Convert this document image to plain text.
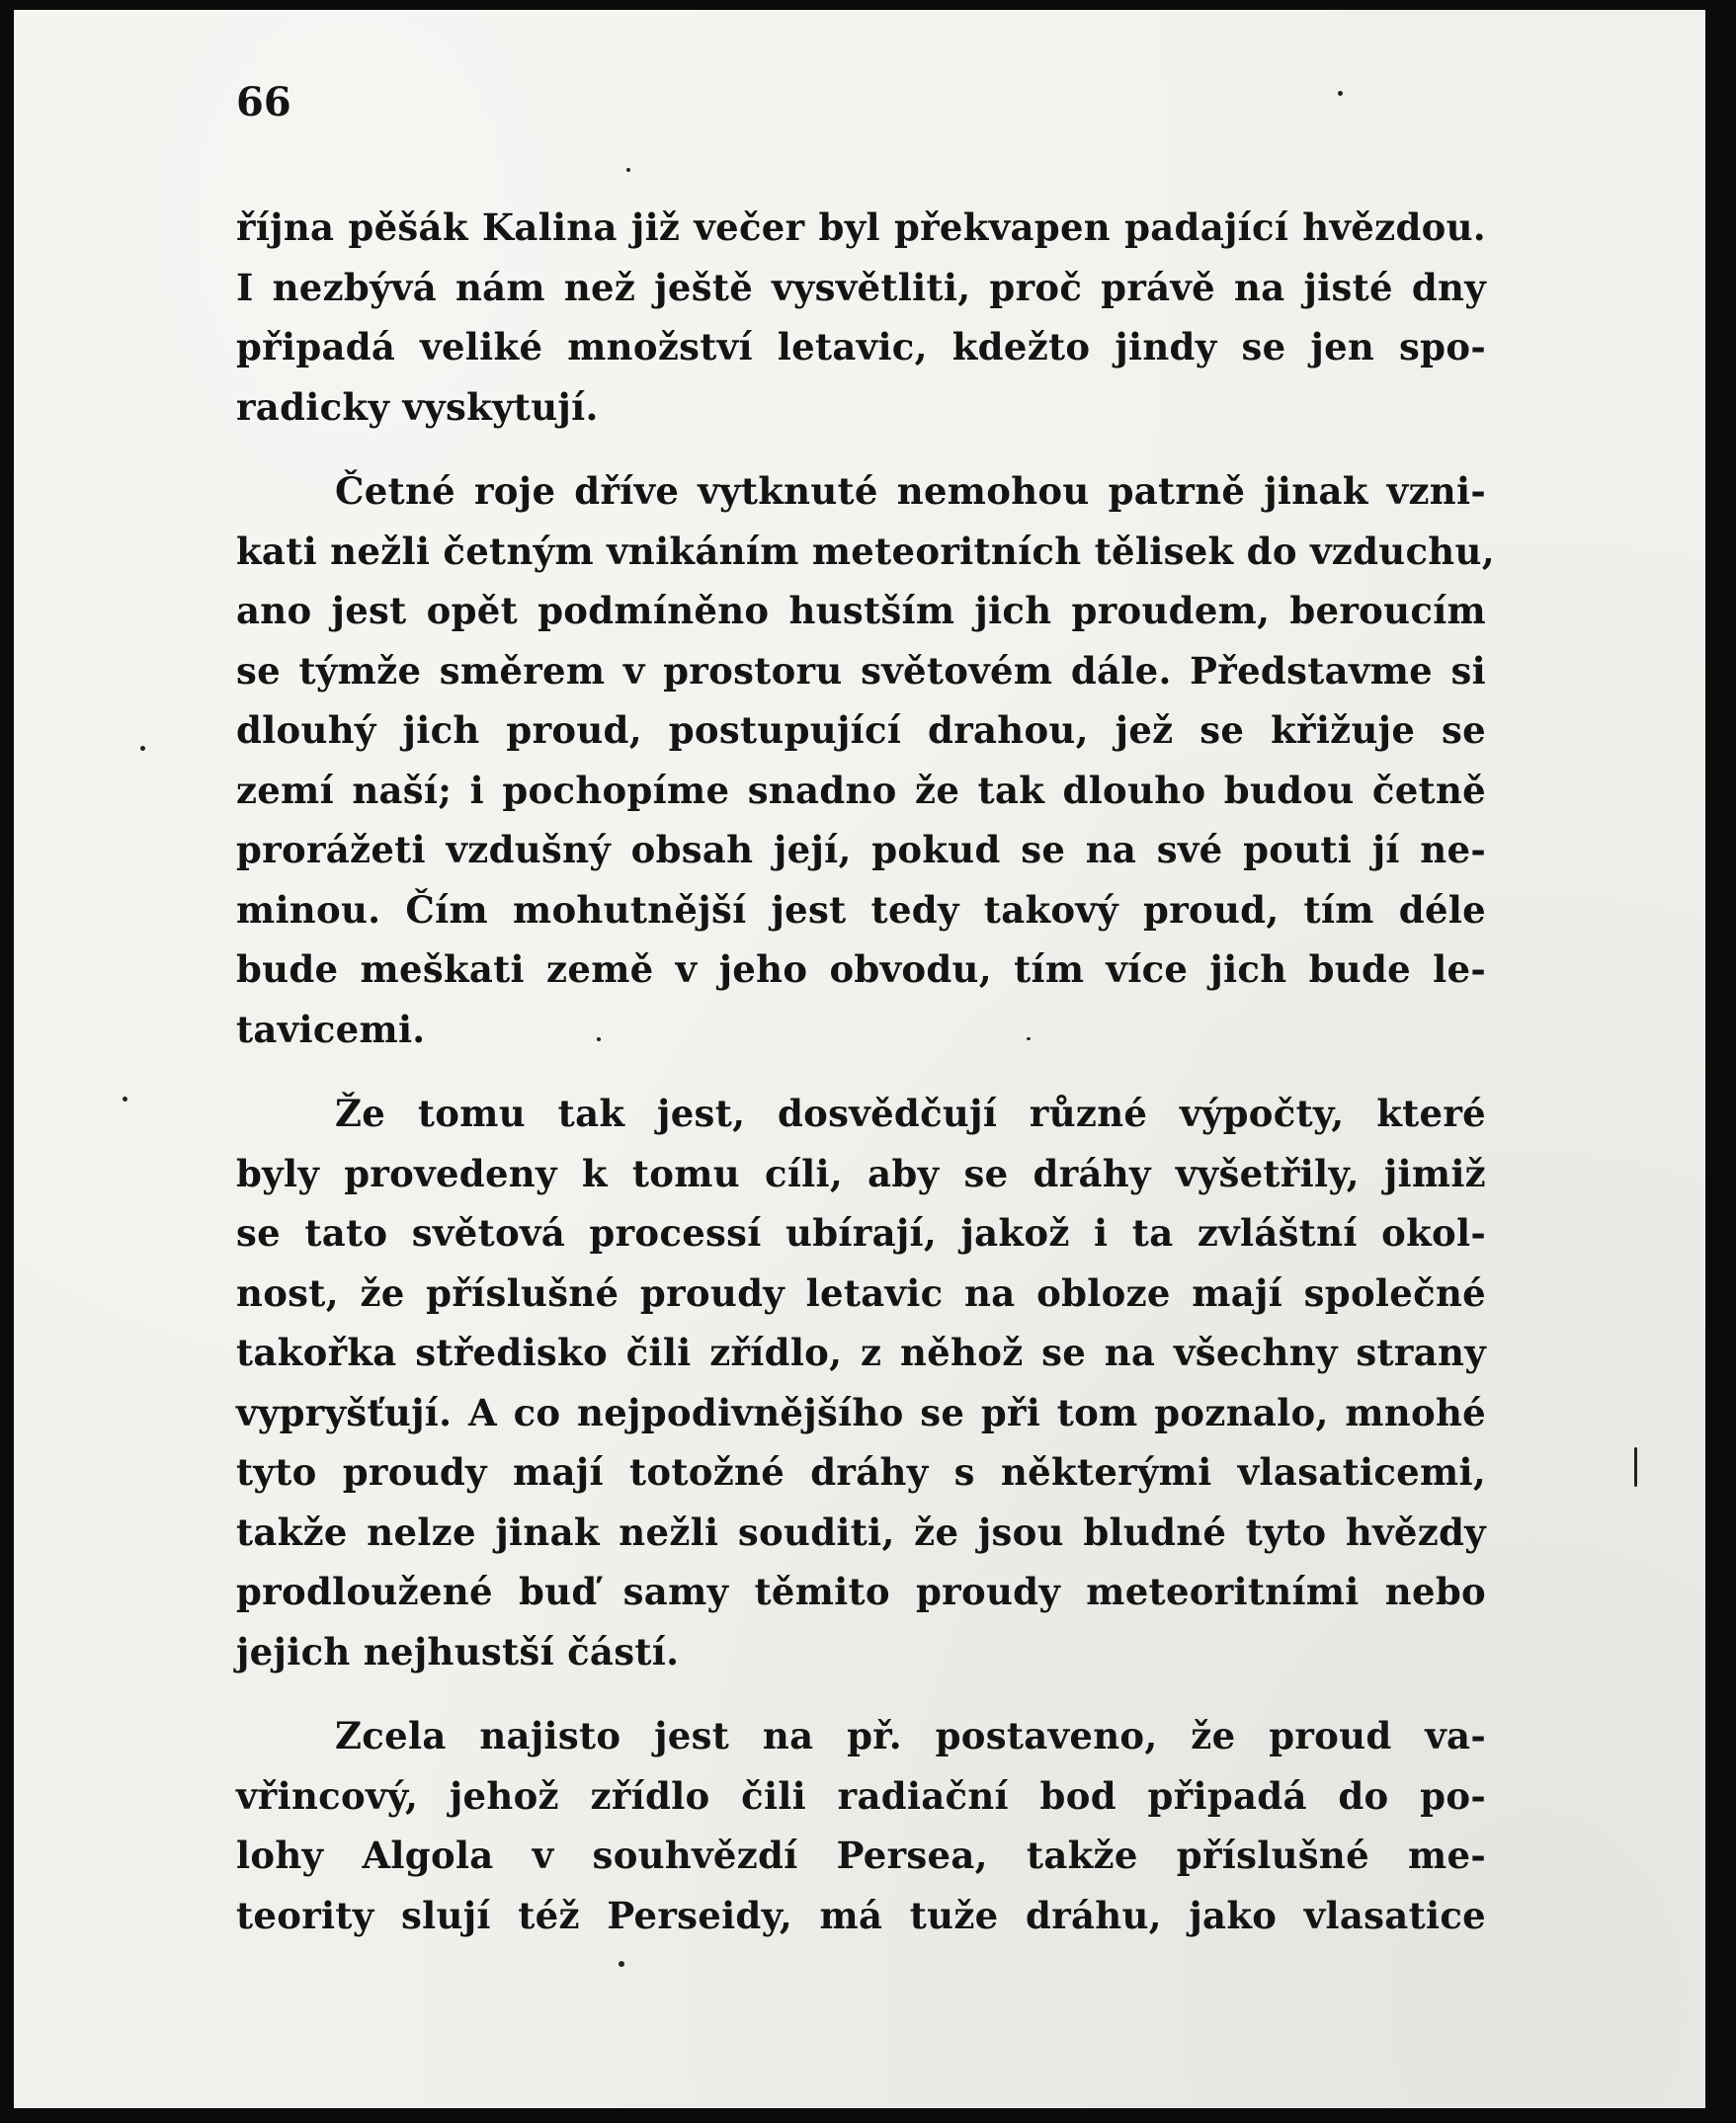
66
října pěšák Kalina již večer byl překvapen padající hvězdou.
I nezbývá nám než ještě vysvětliti, proč právě na jisté dny
připadá veliké množství letavic, kdežto jindy se jen spo-
radicky vyskytují.
Četné roje dříve vytknuté nemohou patrně jinak vzni-
kati nežli četným vnikáním meteoritních tělisek do vzduchu,
ano jest opět podmíněno hustším jich proudem, beroucím
se týmže směrem v prostoru světovém dále. Představme si
dlouhý jich proud, postupující drahou, jež se křižuje se
zemí naší; i pochopíme snadno že tak dlouho budou četně
prorážeti vzdušný obsah její, pokud se na své pouti jí ne-
minou. Čím mohutnější jest tedy takový proud, tím déle
bude meškati země v jeho obvodu, tím více jich bude le-
tavicemi.
Že tomu tak jest, dosvědčují různé výpočty, které
byly provedeny k tomu cíli, aby se dráhy vyšetřily, jimiž
se tato světová processí ubírají, jakož i ta zvláštní okol-
nost, že příslušné proudy letavic na obloze mají společné
takořka středisko čili zřídlo, z něhož se na všechny strany
vypryšťují. A co nejpodivnějšího se při tom poznalo, mnohé
tyto proudy mají totožné dráhy s některými vlasaticemi,
takže nelze jinak nežli souditi, že jsou bludné tyto hvězdy
prodloužené buď samy těmito proudy meteoritními nebo
jejich nejhustší částí.
Zcela najisto jest na př. postaveno, že proud va-
vřincový, jehož zřídlo čili radiační bod připadá do po-
lohy Algola v souhvězdí Persea, takže příslušné me-
teority slují též Perseidy, má tuže dráhu, jako vlasatice
